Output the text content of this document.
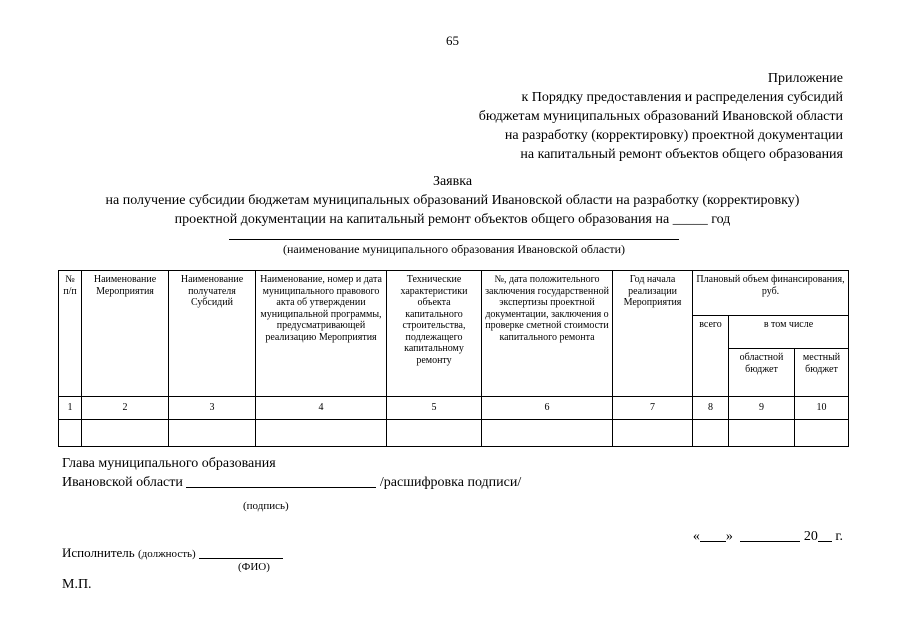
65
Приложение
к Порядку предоставления и распределения субсидий
бюджетам муниципальных образований Ивановской области
на разработку (корректировку) проектной документации
на капитальный ремонт объектов общего образования
Заявка
на получение субсидии бюджетам муниципальных образований Ивановской области на разработку (корректировку)
проектной документации на капитальный ремонт объектов общего образования на _____ год
(наименование муниципального образования Ивановской области)
№ п/п	Наименование Мероприятия	Наименование получателя Субсидий	Наименование, номер и дата муниципального правового акта об утверждении муниципальной программы, предусматривающей реализацию Мероприятия	Технические характеристики объекта капитального строительства, подлежащего капитальному ремонту	№, дата положительного заключения государственной экспертизы проектной документации, заключения о проверке сметной стоимости капитального ремонта	Год начала реализации Мероприятия	Плановый объем финансирования, руб.		
							всего	в том числе	
								областной бюджет	местный бюджет
1	2	3	4	5	6	7	8	9	10

Глава муниципального образования
Ивановской области	/расшифровка подписи/
(подпись)
« »	20 г.
Исполнитель (должность)
(ФИО)
М.П.
